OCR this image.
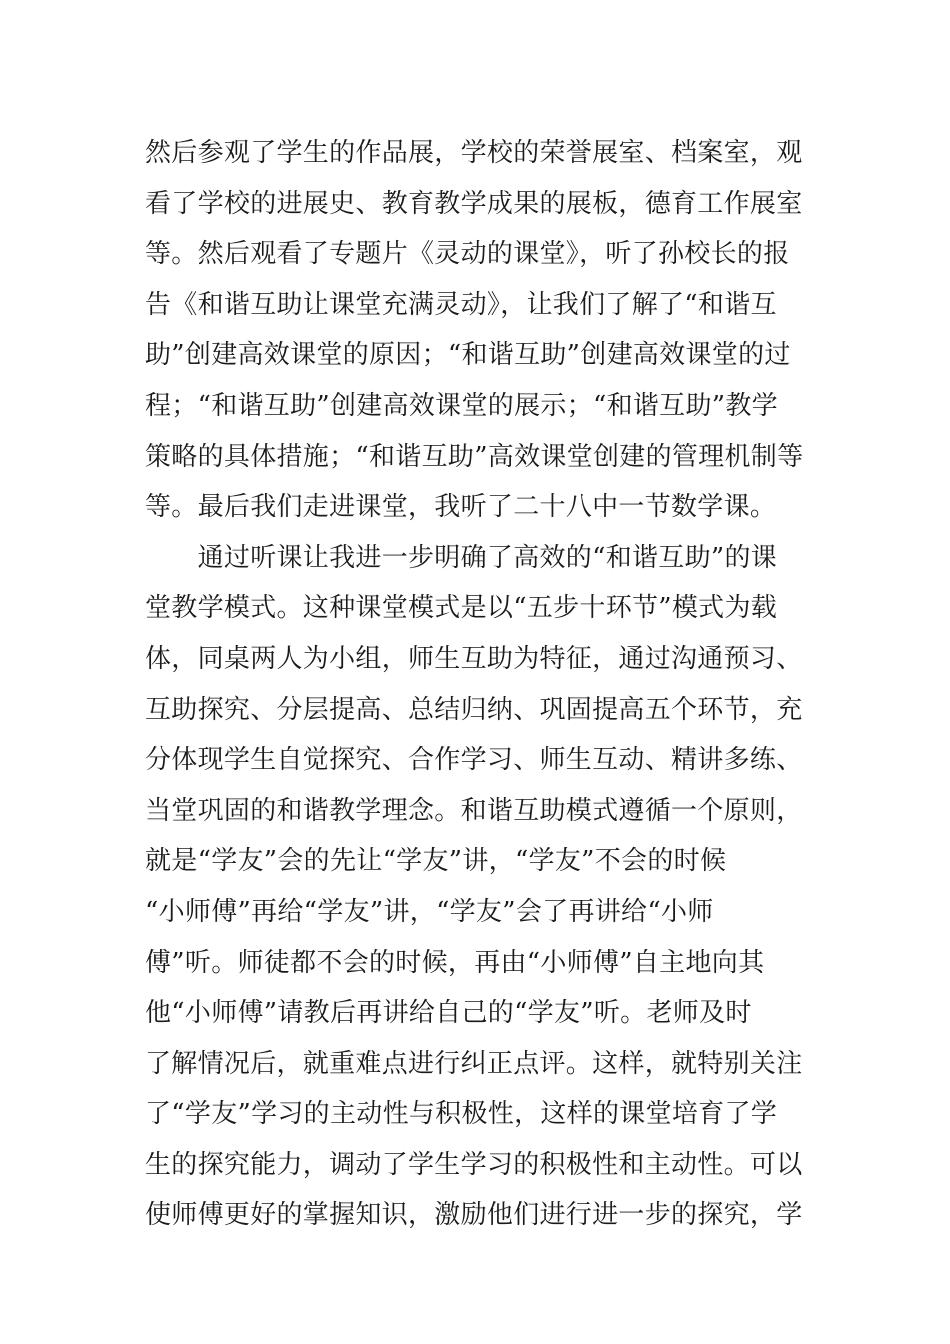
然后参观了学生的作品展，学校的荣誉展室、档案室，观
看了学校的进展史、教育教学成果的展板，德育工作展室
等。然后观看了专题片《灵动的课堂》，听了孙校长的报
告《和谐互助让课堂充满灵动》，让我们了解了“和谐互
助”创建高效课堂的原因；“和谐互助”创建高效课堂的过
程；“和谐互助”创建高效课堂的展示；“和谐互助”教学
策略的具体措施；“和谐互助”高效课堂创建的管理机制等
等。最后我们走进课堂，我听了二十八中一节数学课。
　　通过听课让我进一步明确了高效的“和谐互助”的课
堂教学模式。这种课堂模式是以“五步十环节”模式为载
体，同桌两人为小组，师生互助为特征，通过沟通预习、
互助探究、分层提高、总结归纳、巩固提高五个环节，充
分体现学生自觉探究、合作学习、师生互动、精讲多练、
当堂巩固的和谐教学理念。和谐互助模式遵循一个原则，
就是“学友”会的先让“学友”讲，“学友”不会的时候
“小师傅”再给“学友”讲，“学友”会了再讲给“小师
傅”听。师徒都不会的时候，再由“小师傅”自主地向其
他“小师傅”请教后再讲给自己的“学友”听。老师及时
了解情况后，就重难点进行纠正点评。这样，就特别关注
了“学友”学习的主动性与积极性，这样的课堂培育了学
生的探究能力，调动了学生学习的积极性和主动性。可以
使师傅更好的掌握知识，激励他们进行进一步的探究，学
